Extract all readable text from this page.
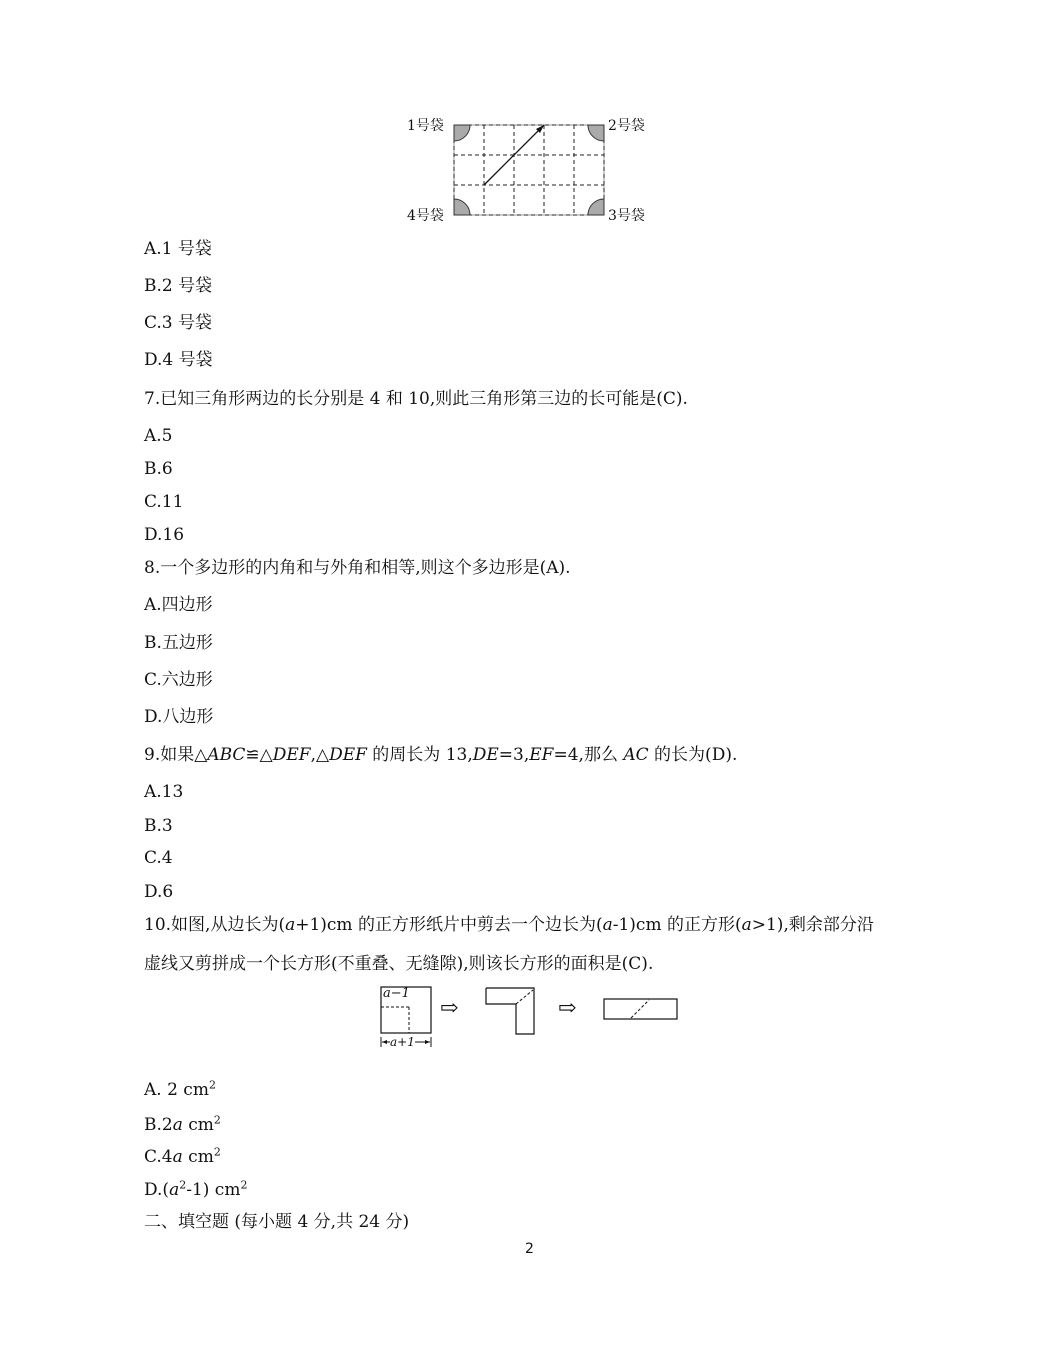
1号袋	2号袋
4号袋	3号袋
A.1 号袋
B.2 号袋
C.3 号袋
D.4 号袋
7.已知三角形两边的长分别是 4 和 10,则此三角形第三边的长可能是(C).
A.5
B.6
C.11
D.16
8.一个多边形的内角和与外角和相等,则这个多边形是(A).
A.四边形
B.五边形
C.六边形
D.八边形
9.如果△ABC≌△DEF,△DEF 的周长为 13,DE=3,EF=4,那么 AC 的长为(D).
A.13
B.3
C.4
D.6
10.如图,从边长为(a+1)cm 的正方形纸片中剪去一个边长为(a-1)cm 的正方形(a>1),剩余部分沿
虚线又剪拼成一个长方形(不重叠、无缝隙),则该长方形的面积是(C).
a−1
a+1
⇨	⇨
A. 2 $cm^2$
B.2a $cm^2$
C.4a $cm^2$
$D.(a^2-1)$ $cm^2$
二、填空题 (每小题 4 分,共 24 分)
2
